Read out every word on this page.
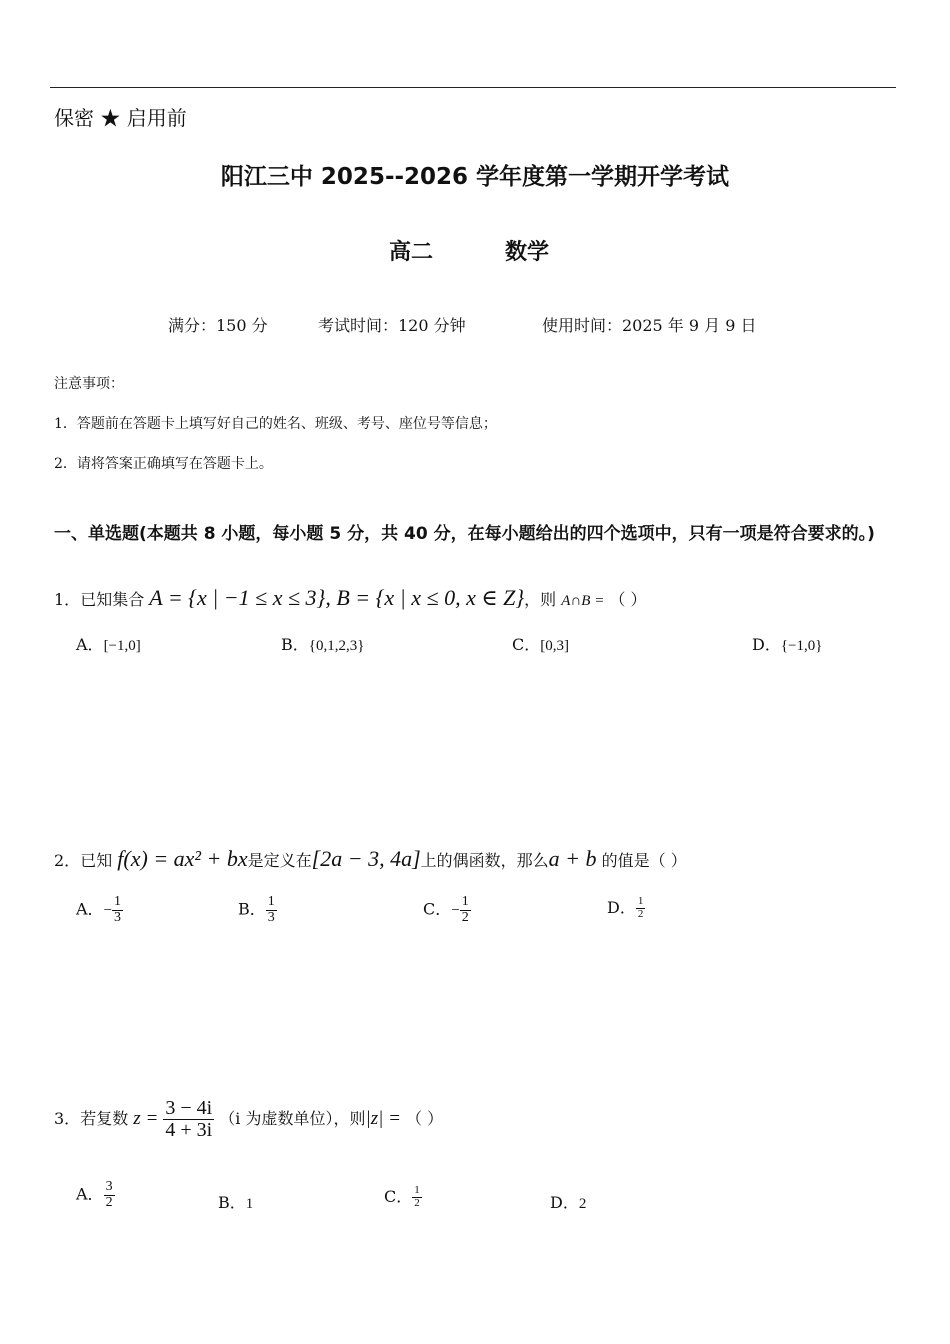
保密 ★ 启用前
阳江三中 2025--2026 学年度第一学期开学考试
高二	数学
满分：150 分	考试时间：120 分钟	使用时间：2025 年 9 月 9 日
注意事项：
1．答题前在答题卡上填写好自己的姓名、班级、考号、座位号等信息；
2．请将答案正确填写在答题卡上。
一、单选题(本题共 8 小题，每小题 5 分，共 40 分，在每小题给出的四个选项中，只有一项是符合要求的。)
1．已知集合 A = {x | −1 ≤ x ≤ 3}, B = {x | x ≤ 0, x ∈ Z}，则 A∩B = （ ）
A．[−1,0]	B．{0,1,2,3}	C．[0,3]	D．{−1,0}
2．已知 f(x) = ax² + bx是定义在[2a − 3, 4a]上的偶函数，那么a + b 的值是（ ）
A．− $\frac{1}{3}$	B． $\frac{1}{3}$	C．− $\frac{1}{2}$	D． $\frac{1}{2}$
3．若复数 $z = \frac{3 - 4i}{4 + 3i} (i$ 为虚数单位），则|z| = （ ）
A． $\frac{3}{2}$	B．1	C． $\frac{1}{2}$	D．2
